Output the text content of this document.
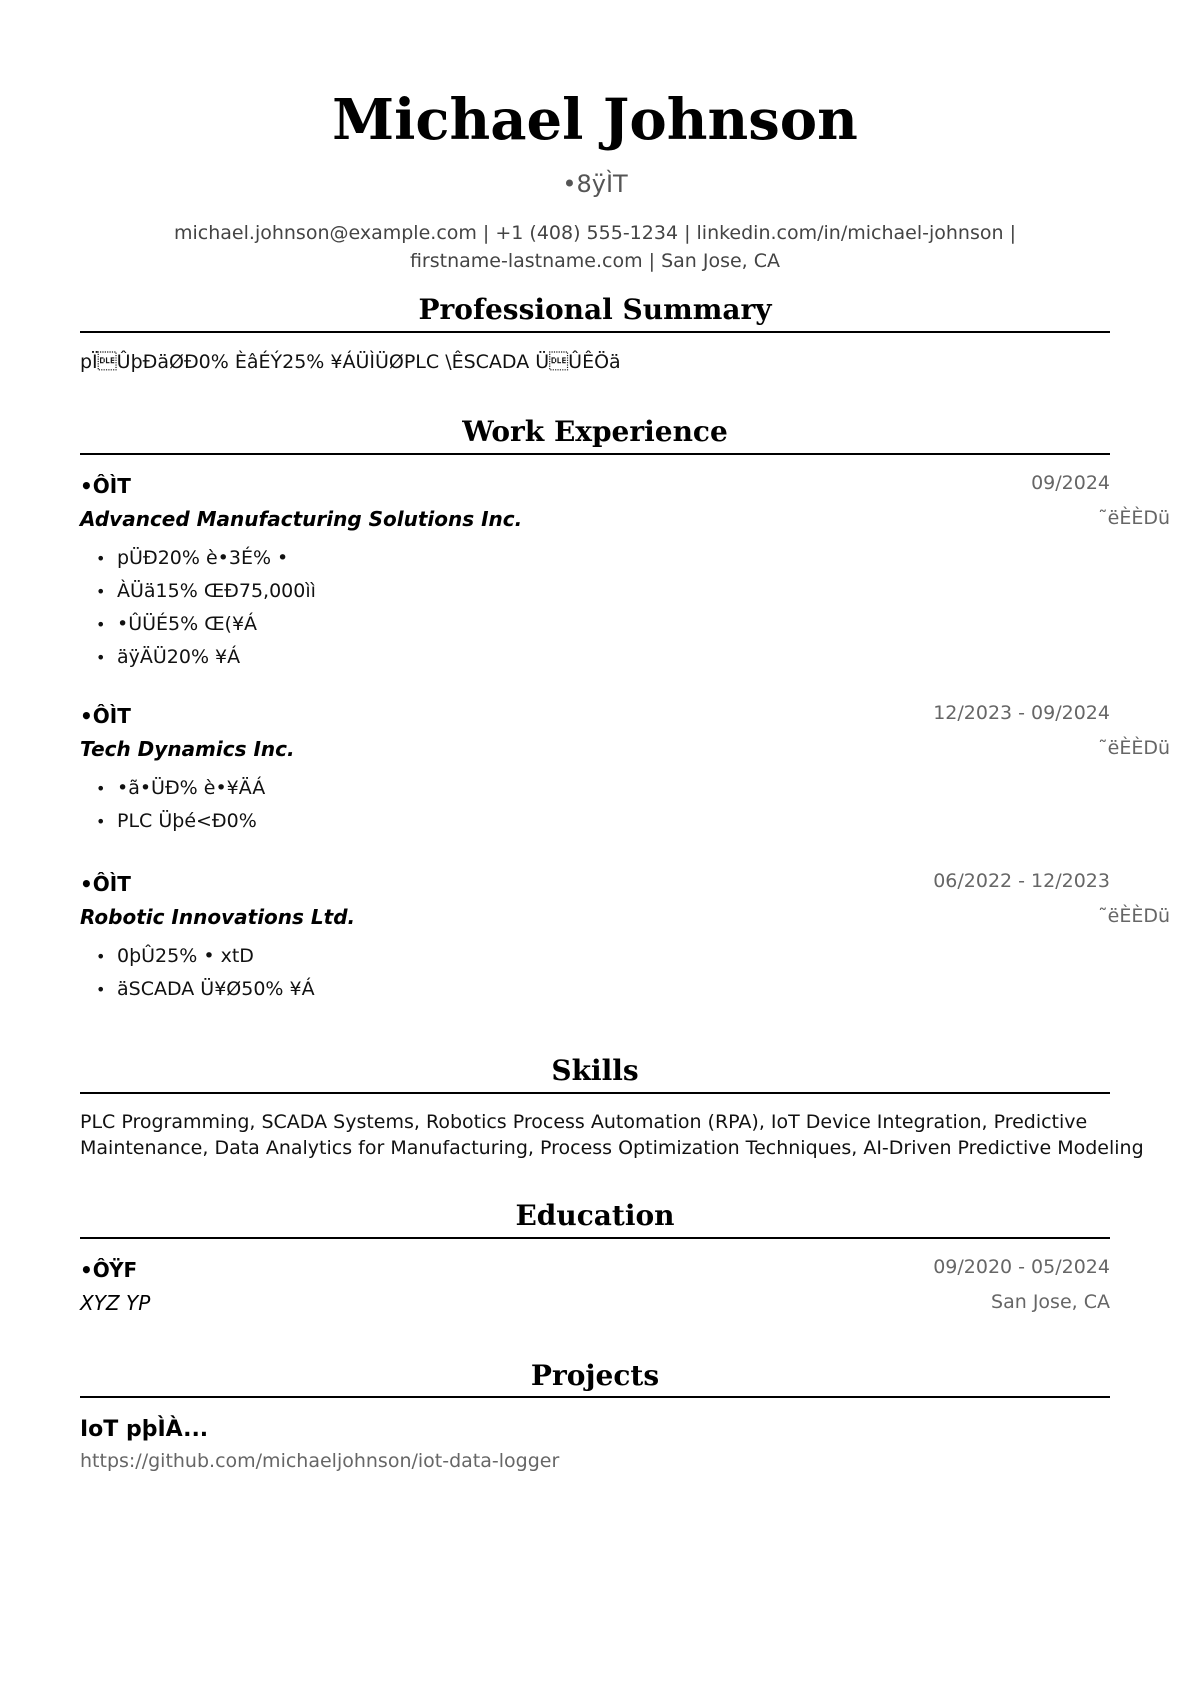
Michael Johnson
•8ÿÌT
michael.johnson@example.com | +1 (408) 555-1234 | linkedin.com/in/michael-johnson |
firstname-lastname.com | San Jose, CA
Professional Summary
pÏÛþÐäØÐ0% ÈâÉÝ25% ¥ÁÜÌÜØPLC \ÊSCADA ÜÛÊÖä
Work Experience
•ÔÌT	09/2024
Advanced Manufacturing Solutions Inc.	˜ëÈÈDü
• pÜÐ20% è•3É% •
• ÀÜä15% ŒÐ75,000ìì
• •ÛÜÉ5% Œ(¥Á
• äÿÄÜ20% ¥Á
•ÔÌT	12/2023 - 09/2024
Tech Dynamics Inc.	˜ëÈÈDü
• •ã•ÜÐ% è•¥ÄÁ
• PLC Üþé<Ð0%
•ÔÌT	06/2022 - 12/2023
Robotic Innovations Ltd.	˜ëÈÈDü
• 0þÛ25% • xtD
• äSCADA Ü¥Ø50% ¥Á
Skills
PLC Programming, SCADA Systems, Robotics Process Automation (RPA), IoT Device Integration, Predictive
Maintenance, Data Analytics for Manufacturing, Process Optimization Techniques, AI-Driven Predictive Modeling
Education
•ÔŸF	09/2020 - 05/2024
XYZ YP	San Jose, CA
Projects
IoT pþÌÀ...
https://github.com/michaeljohnson/iot-data-logger
